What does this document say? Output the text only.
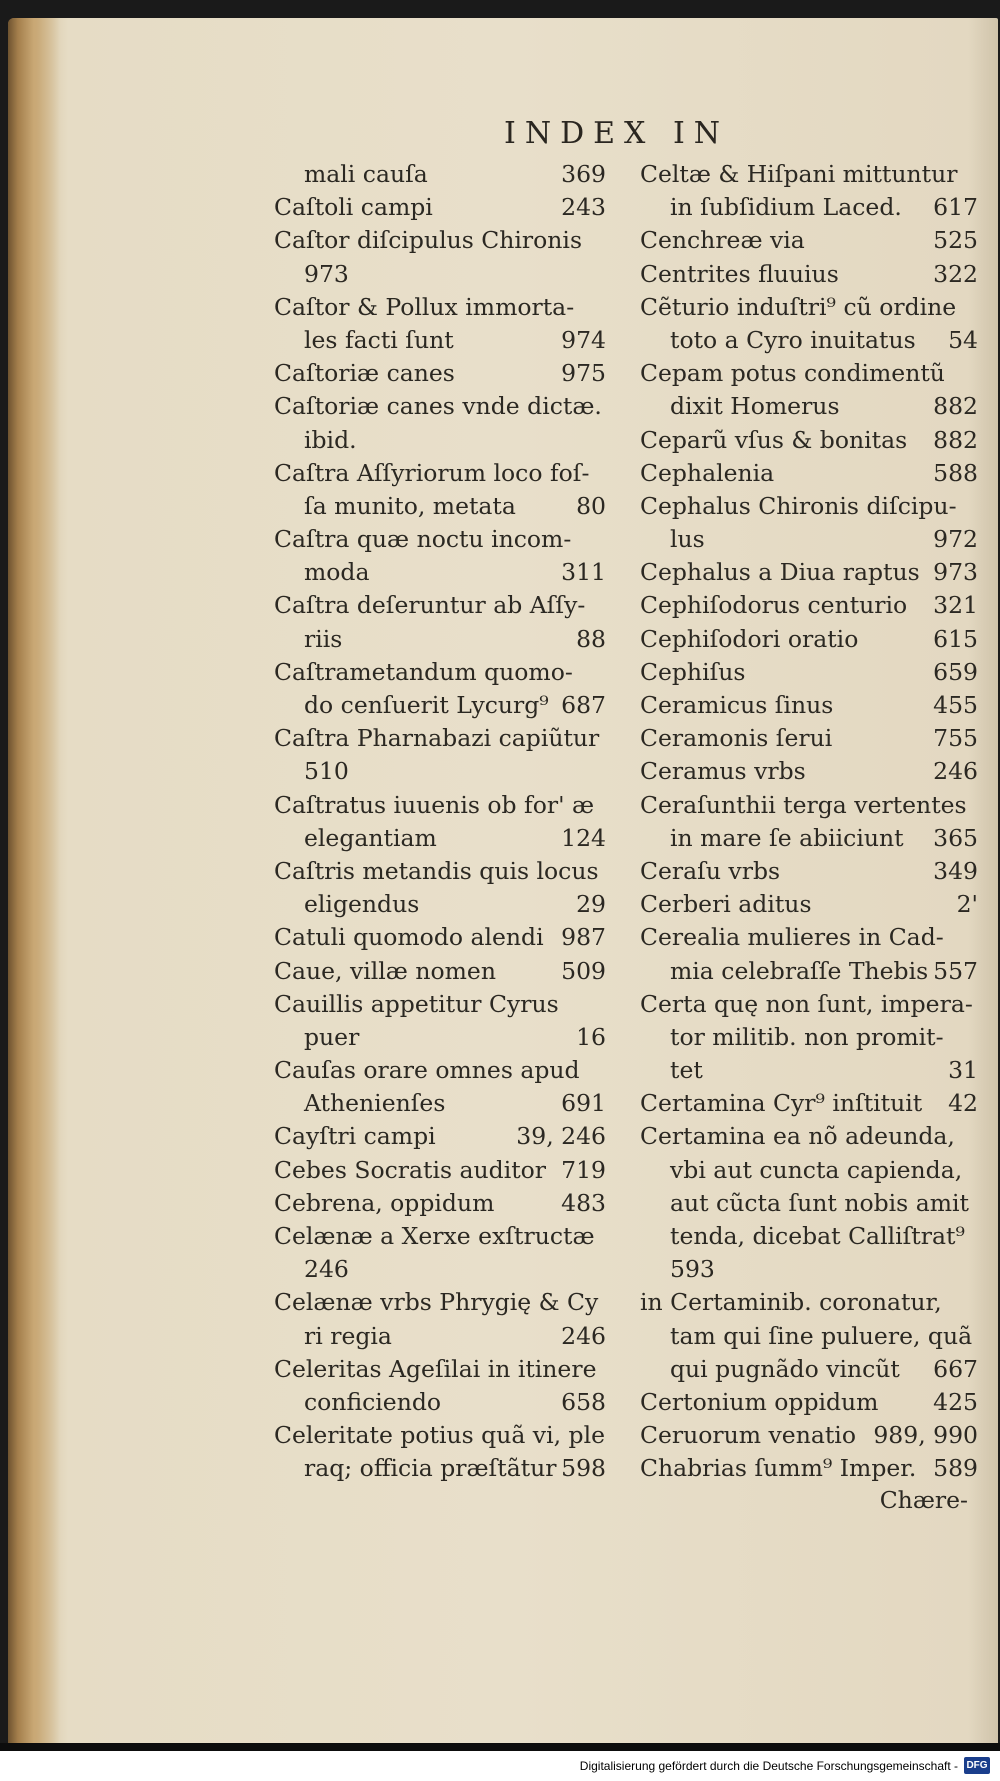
INDEX IN
mali cauſa	369
Caſtoli campi	243
Caſtor diſcipulus Chironis
973
Caſtor & Pollux immorta-
les facti ſunt	974
Caſtoriæ canes	975
Caſtoriæ canes vnde dictæ.
ibid.
Caſtra Aſſyriorum loco foſ-
ſa munito, metata	80
Caſtra quæ noctu incom-
moda	311
Caſtra deſeruntur ab Aſſy-
riis	88
Caſtrametandum quomo-
do cenſuerit Lycurg⁹ 687
Caſtra Pharnabazi capiũtur
510
Caſtratus iuuenis ob for' æ
elegantiam	124
Caſtris metandis quis locus
eligendus	29
Catuli quomodo alendi 987
Caue, villæ nomen	509
Cauillis appetitur Cyrus
puer	16
Cauſas orare omnes apud
Athenienſes	691
Cayſtri campi	39, 246
Cebes Socratis auditor 719
Cebrena, oppidum	483
Celænæ a Xerxe exſtructæ
246
Celænæ vrbs Phrygię & Cy
ri regia	246
Celeritas Ageſilai in itinere
conficiendo	658
Celeritate potius quã vi, ple
raq; officia præſtãtur 598
Celtæ & Hiſpani mittuntur
in ſubſidium Laced. 617
Cenchreæ via	525
Centrites fluuius	322
Cẽturio induſtri⁹ cũ ordine
toto a Cyro inuitatus 54
Cepam potus condimentũ
dixit Homerus	882
Ceparũ vſus & bonitas 882
Cephalenia	588
Cephalus Chironis diſcipu-
lus	972
Cephalus a Diua raptus 973
Cephiſodorus centurio 321
Cephiſodori oratio	615
Cephiſus	659
Ceramicus ſinus	455
Ceramonis ſerui	755
Ceramus vrbs	246
Ceraſunthii terga vertentes
in mare ſe abiiciunt 365
Ceraſu vrbs	349
Cerberi aditus	2'
Cerealia mulieres in Cad-
mia celebraſſe Thebis 557
Certa quę non ſunt, impera-
tor militib. non promit-
tet	31
Certamina Cyr⁹ inſtituit 42
Certamina ea nõ adeunda,
vbi aut cuncta capienda,
aut cũcta ſunt nobis amit
tenda, dicebat Calliſtrat⁹
593
in Certaminib. coronatur,
tam qui ſine puluere, quã
qui pugnãdo vincũt 667
Certonium oppidum 425
Ceruorum venatio 989, 990
Chabrias ſumm⁹ Imper. 589
Chære-
Digitalisierung gefördert durch die Deutsche Forschungsgemeinschaft - DFG
